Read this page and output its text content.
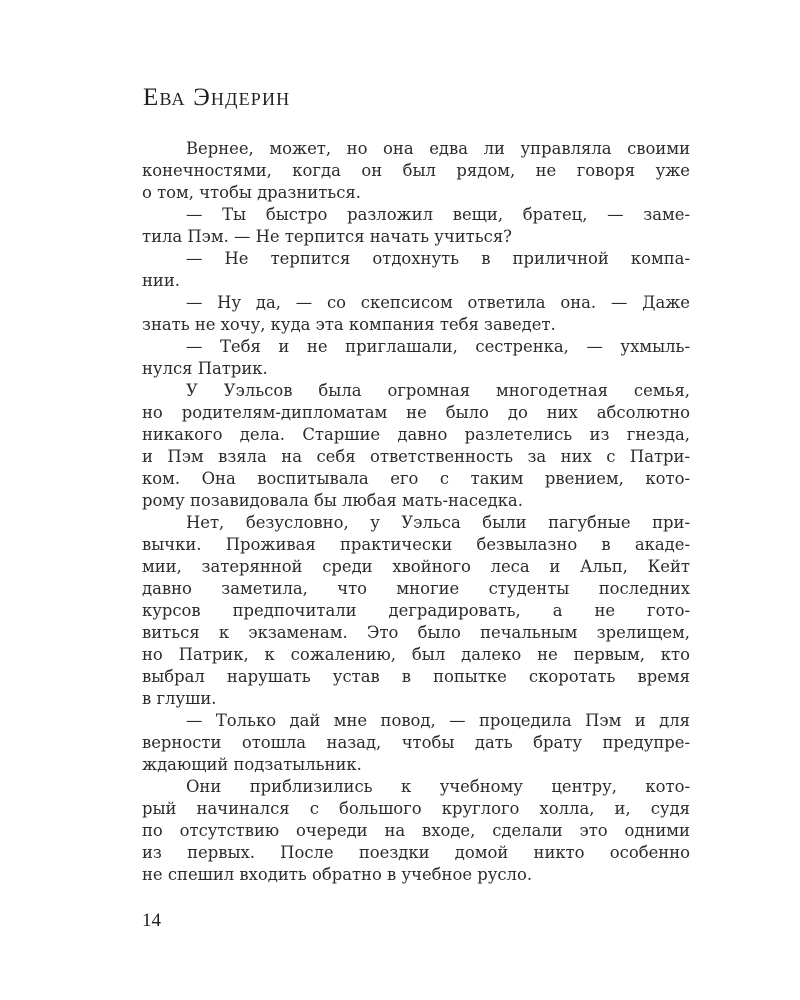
Ева Эндерин
Вернее, может, но она едва ли управляла своими
конечностями, когда он был рядом, не говоря уже
о том, чтобы дразниться.
— Ты быстро разложил вещи, братец, — заме-
тила Пэм. — Не терпится начать учиться?
— Не терпится отдохнуть в приличной компа-
нии.
— Ну да, — со скепсисом ответила она. — Даже
знать не хочу, куда эта компания тебя заведет.
— Тебя и не приглашали, сестренка, — ухмыль-
нулся Патрик.
У Уэльсов была огромная многодетная семья,
но родителям-дипломатам не было до них абсолютно
никакого дела. Старшие давно разлетелись из гнезда,
и Пэм взяла на себя ответственность за них с Патри-
ком. Она воспитывала его с таким рвением, кото-
рому позавидовала бы любая мать-наседка.
Нет, безусловно, у Уэльса были пагубные при-
вычки. Проживая практически безвылазно в акаде-
мии, затерянной среди хвойного леса и Альп, Кейт
давно заметила, что многие студенты последних
курсов предпочитали деградировать, а не гото-
виться к экзаменам. Это было печальным зрелищем,
но Патрик, к сожалению, был далеко не первым, кто
выбрал нарушать устав в попытке скоротать время
в глуши.
— Только дай мне повод, — процедила Пэм и для
верности отошла назад, чтобы дать брату предупре-
ждающий подзатыльник.
Они приблизились к учебному центру, кото-
рый начинался с большого круглого холла, и, судя
по отсутствию очереди на входе, сделали это одними
из первых. После поездки домой никто особенно
не спешил входить обратно в учебное русло.
14
